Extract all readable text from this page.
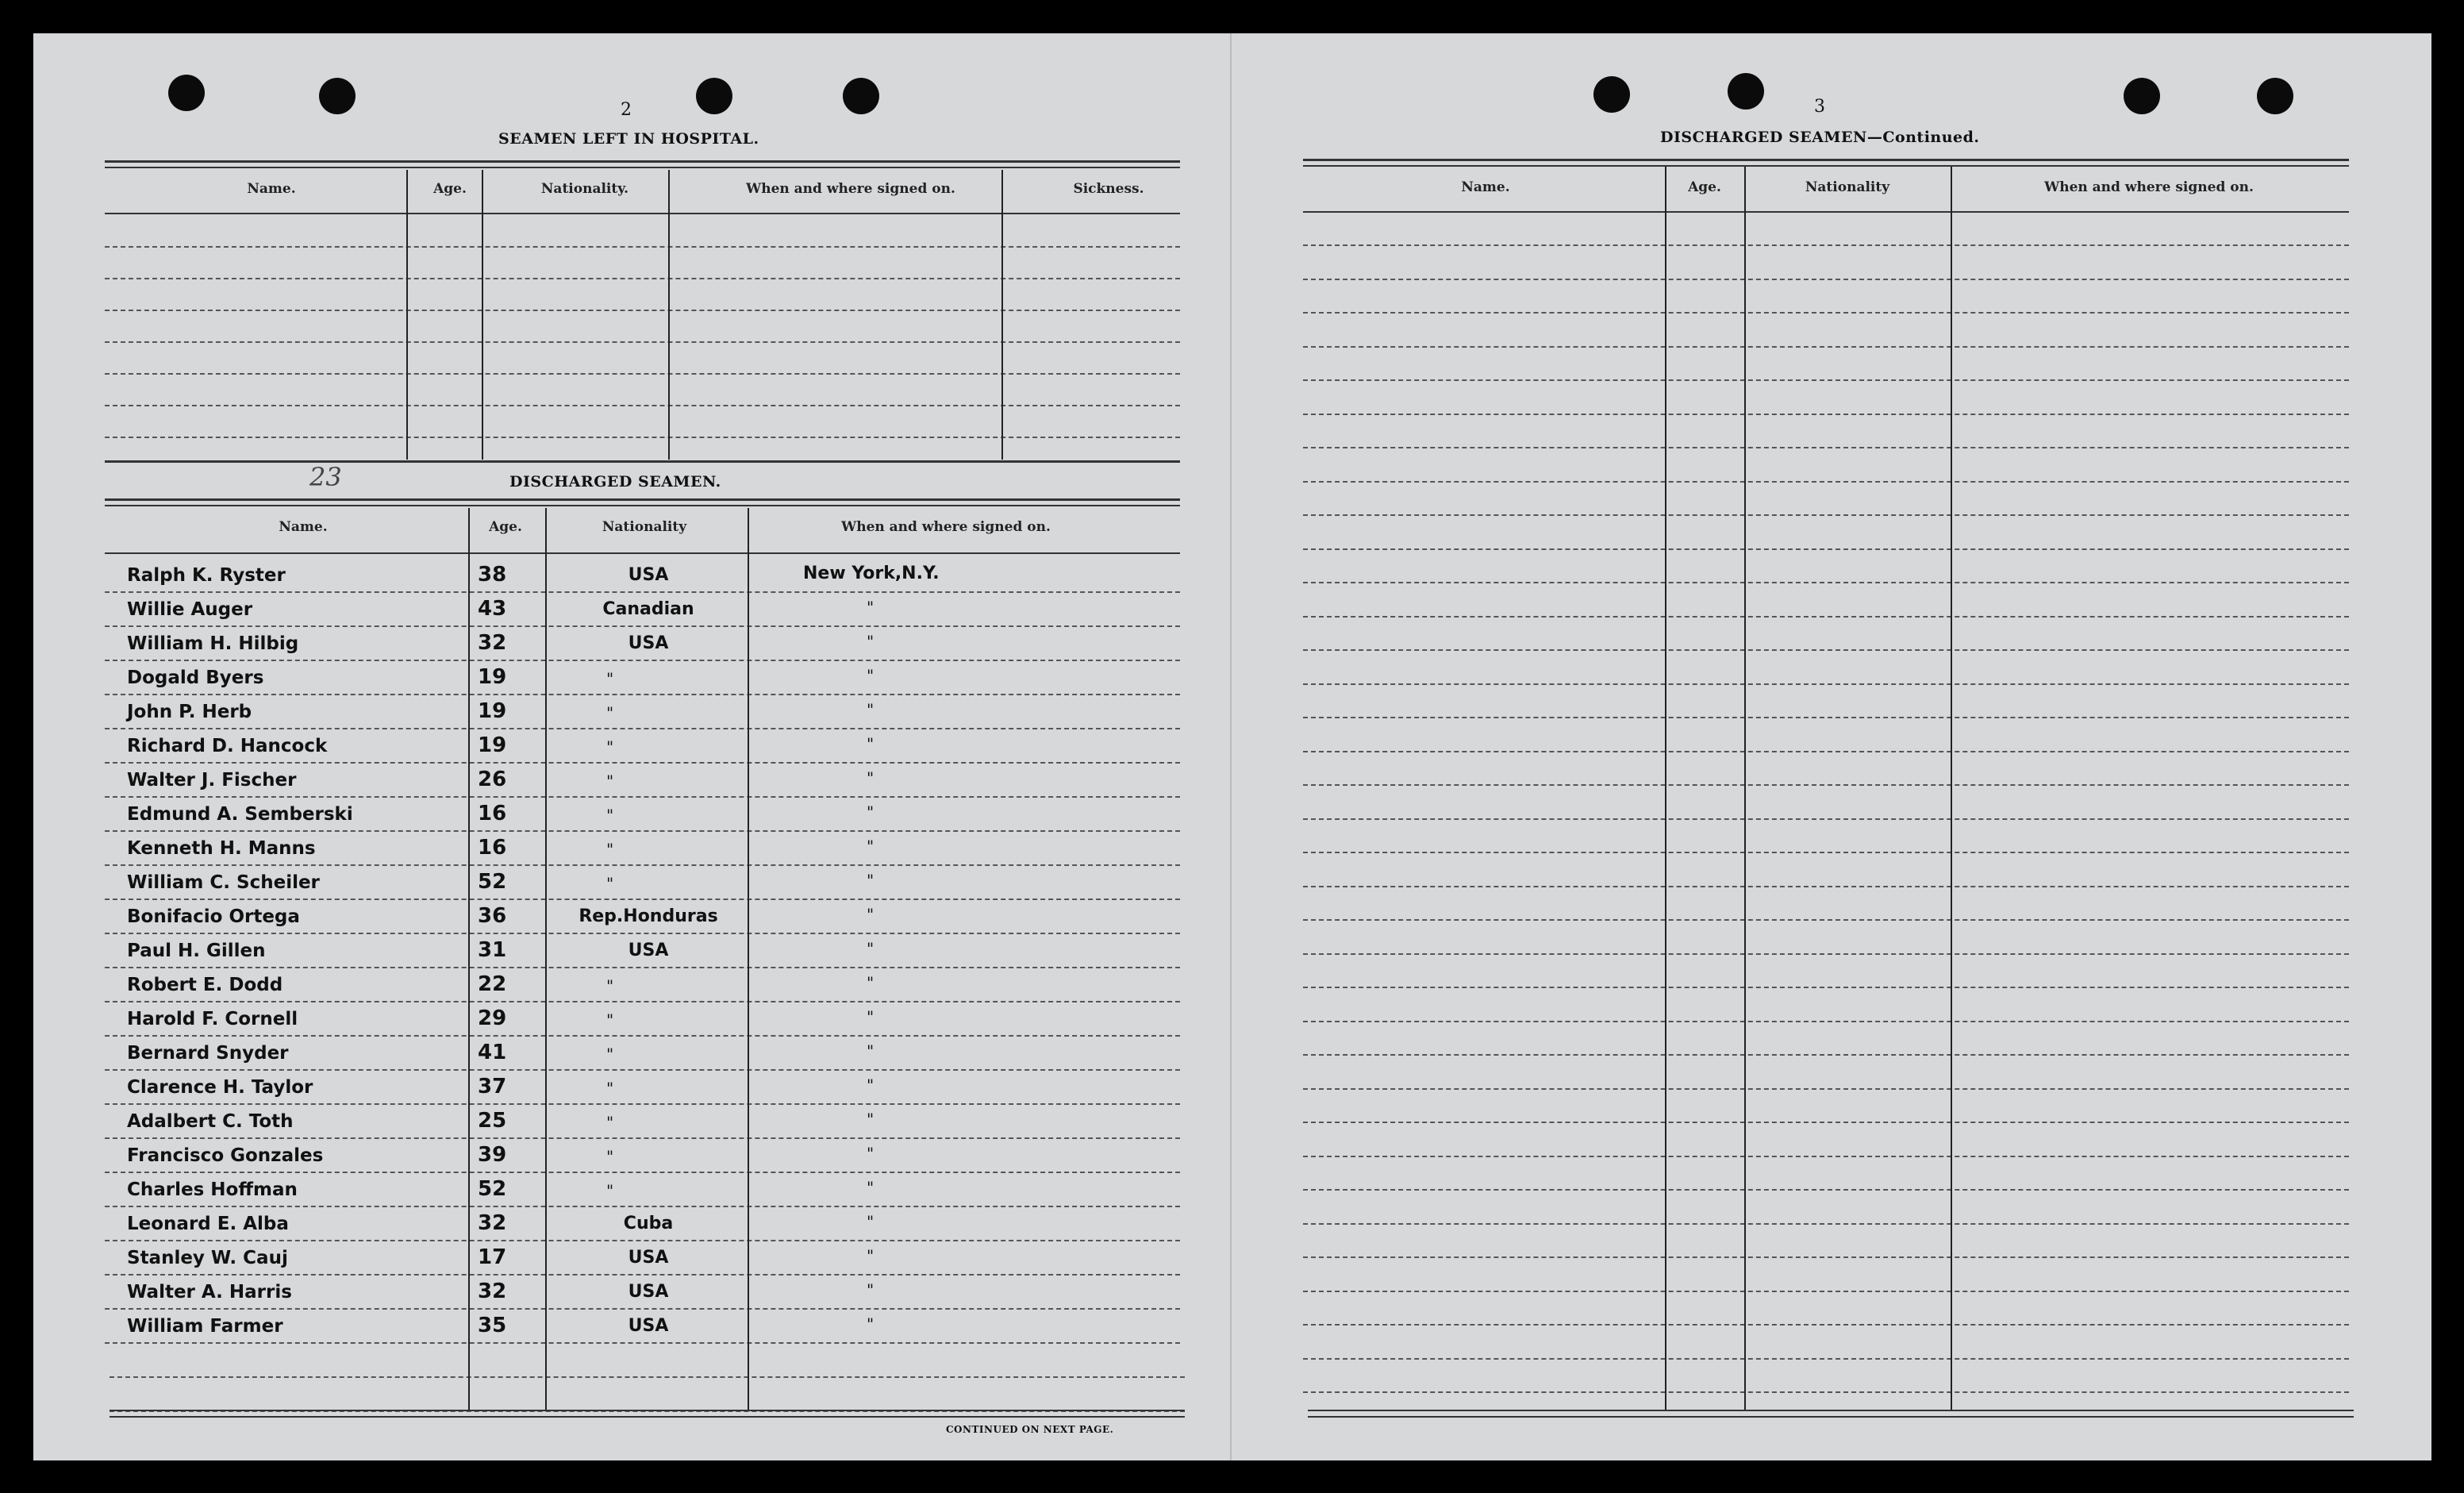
2
SEAMEN LEFT IN HOSPITAL.
Name.	Age.	Nationality.	When and where signed on.	Sickness.
23	DISCHARGED SEAMEN.
Name.	Age.	Nationality	When and where signed on.
Ralph K. Ryster	38	USA	New York,N.Y.
Willie Auger	43	Canadian	"
William H. Hilbig	32	USA	"
Dogald Byers	19	"	"
John P. Herb	19	"	"
Richard D. Hancock	19	"	"
Walter J. Fischer	26	"	"
Edmund A. Semberski	16	"	"
Kenneth H. Manns	16	"	"
William C. Scheiler	52	"	"
Bonifacio Ortega	36	Rep.Honduras	"
Paul H. Gillen	31	USA	"
Robert E. Dodd	22	"	"
Harold F. Cornell	29	"	"
Bernard Snyder	41	"	"
Clarence H. Taylor	37	"	"
Adalbert C. Toth	25	"	"
Francisco Gonzales	39	"	"
Charles Hoffman	52	"	"
Leonard E. Alba	32	Cuba	"
Stanley W. Cauj	17	USA	"
Walter A. Harris	32	USA	"
William Farmer	35	USA	"
CONTINUED ON NEXT PAGE.
3
DISCHARGED SEAMEN—Continued.
Name.	Age.	Nationality	When and where signed on.
